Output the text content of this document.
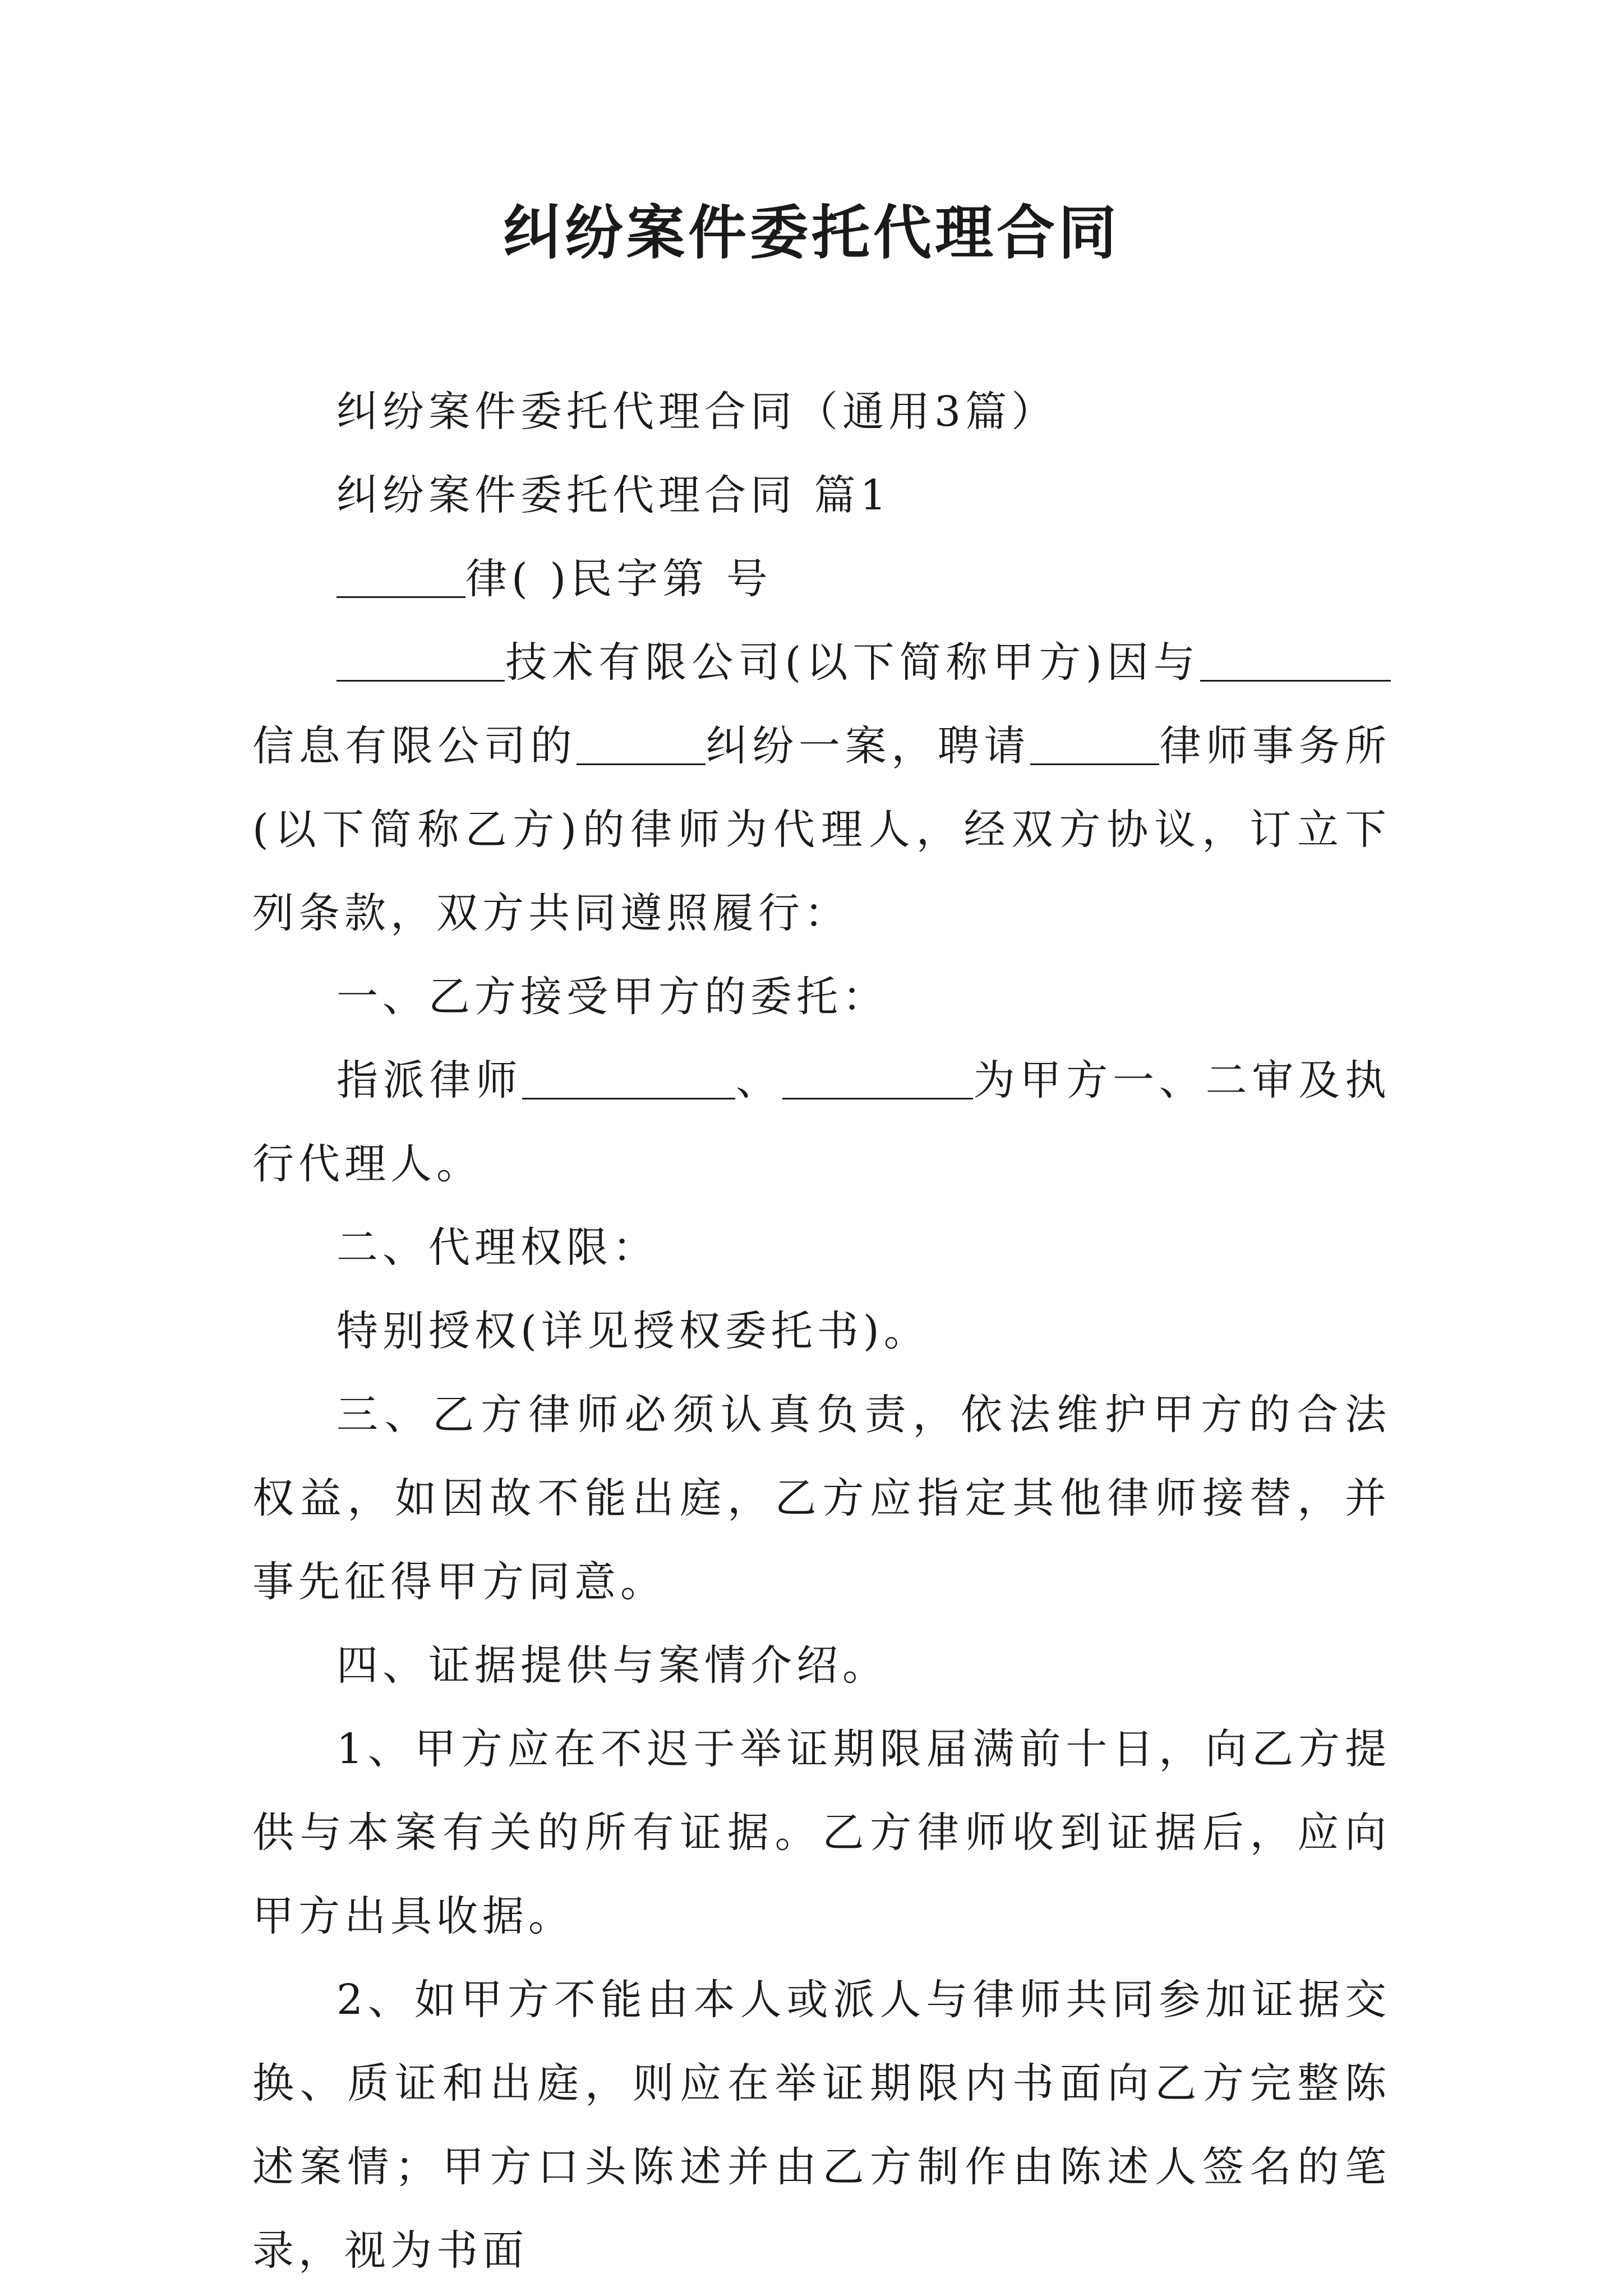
纠纷案件委托代理合同

纠纷案件委托代理合同（通用3篇）

纠纷案件委托代理合同 篇1

律( )民字第 号

技术有限公司(以下简称甲方)因与信息有限公司的	纠纷一案，聘请	律师事务所(以下简称乙方)的律师为代理人，经双方协议，订立下列条款，双方共同遵照履行：

一、乙方接受甲方的委托：

指派律师	、	为甲方一、二审及执行代理人。

二、代理权限：

特别授权(详见授权委托书)。

三、乙方律师必须认真负责，依法维护甲方的合法权益，如因故不能出庭，乙方应指定其他律师接替，并事先征得甲方同意。

四、证据提供与案情介绍。

1、甲方应在不迟于举证期限届满前十日，向乙方提供与本案有关的所有证据。乙方律师收到证据后，应向甲方出具收据。

2、如甲方不能由本人或派人与律师共同参加证据交换、质证和出庭，则应在举证期限内书面向乙方完整陈述案情；甲方口头陈述并由乙方制作由陈述人签名的笔录，视为书面
